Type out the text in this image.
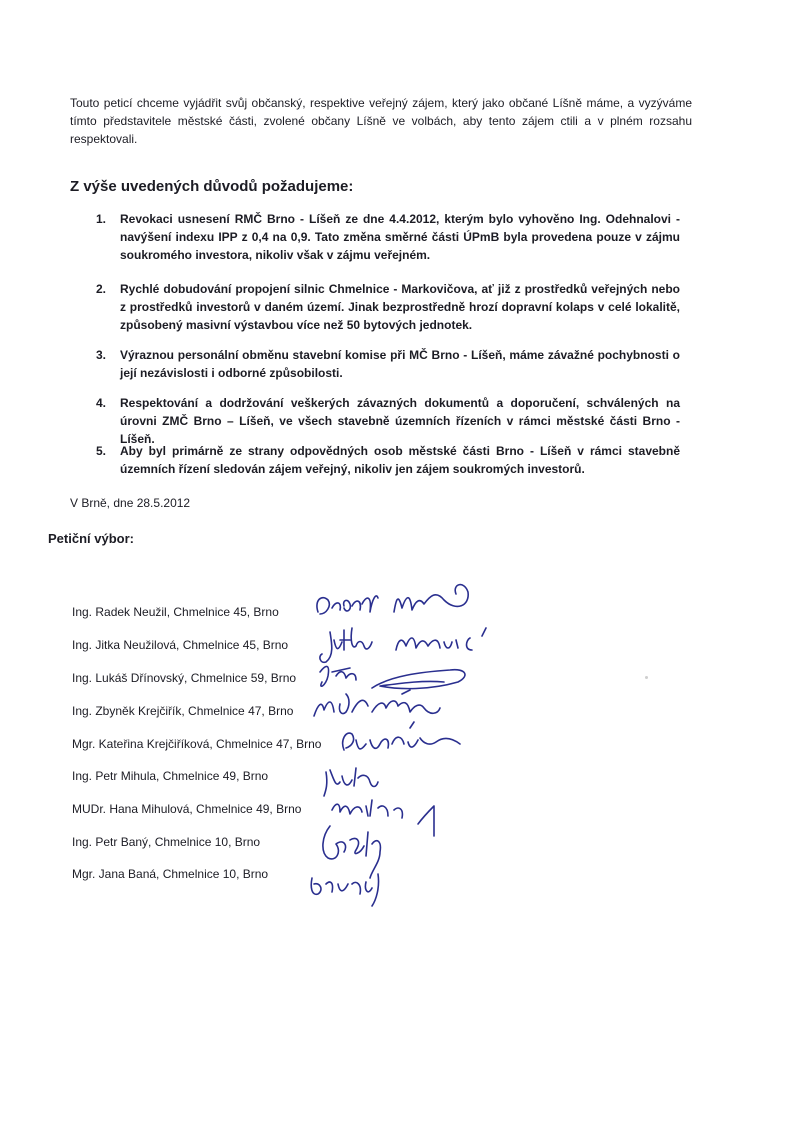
Touto peticí chceme vyjádřit svůj občanský, respektive veřejný zájem, který jako občané Líšně máme, a vyzýváme tímto představitele městské části, zvolené občany Líšně ve volbách, aby tento zájem ctili a v plném rozsahu respektovali.

Z výše uvedených důvodů požadujeme:

1. Revokaci usnesení RMČ Brno - Líšeň ze dne 4.4.2012, kterým bylo vyhověno Ing. Odehnalovi - navýšení indexu IPP z 0,4 na 0,9. Tato změna směrné části ÚPmB byla provedena pouze v zájmu soukromého investora, nikoliv však v zájmu veřejném.

2. Rychlé dobudování propojení silnic Chmelnice - Markovičova, ať již z prostředků veřejných nebo z prostředků investorů v daném území. Jinak bezprostředně hrozí dopravní kolaps v celé lokalitě, způsobený masivní výstavbou více než 50 bytových jednotek.

3. Výraznou personální obměnu stavební komise při MČ Brno - Líšeň, máme závažné pochybnosti o její nezávislosti i odborné způsobilosti.

4. Respektování a dodržování veškerých závazných dokumentů a doporučení, schválených na úrovni ZMČ Brno – Líšeň, ve všech stavebně územních řízeních v rámci městské části Brno - Líšeň.

5. Aby byl primárně ze strany odpovědných osob městské části Brno - Líšeň v rámci stavebně územních řízení sledován zájem veřejný, nikoliv jen zájem soukromých investorů.

V Brně, dne 28.5.2012

Petiční výbor:

Ing. Radek Neužil, Chmelnice 45, Brno
Ing. Jitka Neužilová, Chmelnice 45, Brno
Ing. Lukáš Dřínovský, Chmelnice 59, Brno
Ing. Zbyněk Krejčiřík, Chmelnice 47, Brno
Mgr. Kateřina Krejčiříková, Chmelnice 47, Brno
Ing. Petr Mihula, Chmelnice 49, Brno
MUDr. Hana Mihulová, Chmelnice 49, Brno
Ing. Petr Baný, Chmelnice 10, Brno
Mgr. Jana Baná, Chmelnice 10, Brno
